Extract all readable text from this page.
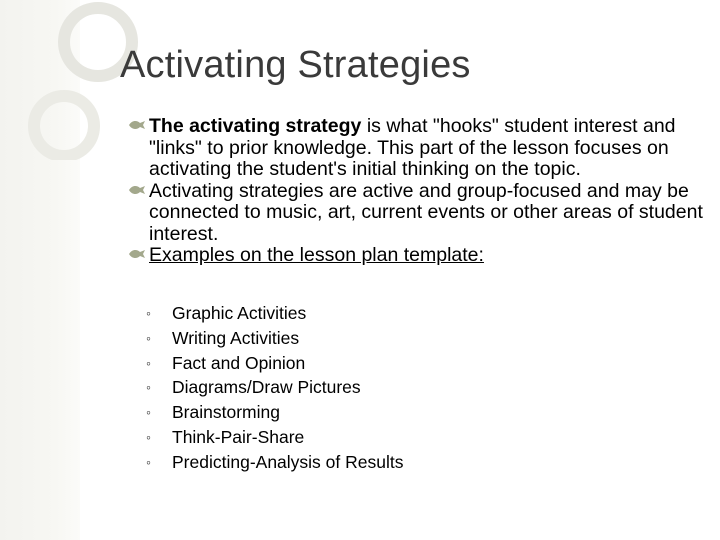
Activating Strategies
The activating strategy is what "hooks" student interest and "links" to prior knowledge. This part of the lesson focuses on activating the student's initial thinking on the topic.
Activating strategies are active and group-focused and may be connected to music, art, current events or other areas of student interest.
Examples on the lesson plan template:
◦ Graphic Activities
◦ Writing Activities
◦ Fact and Opinion
◦ Diagrams/Draw Pictures
◦ Brainstorming
◦ Think-Pair-Share
◦ Predicting-Analysis of Results
